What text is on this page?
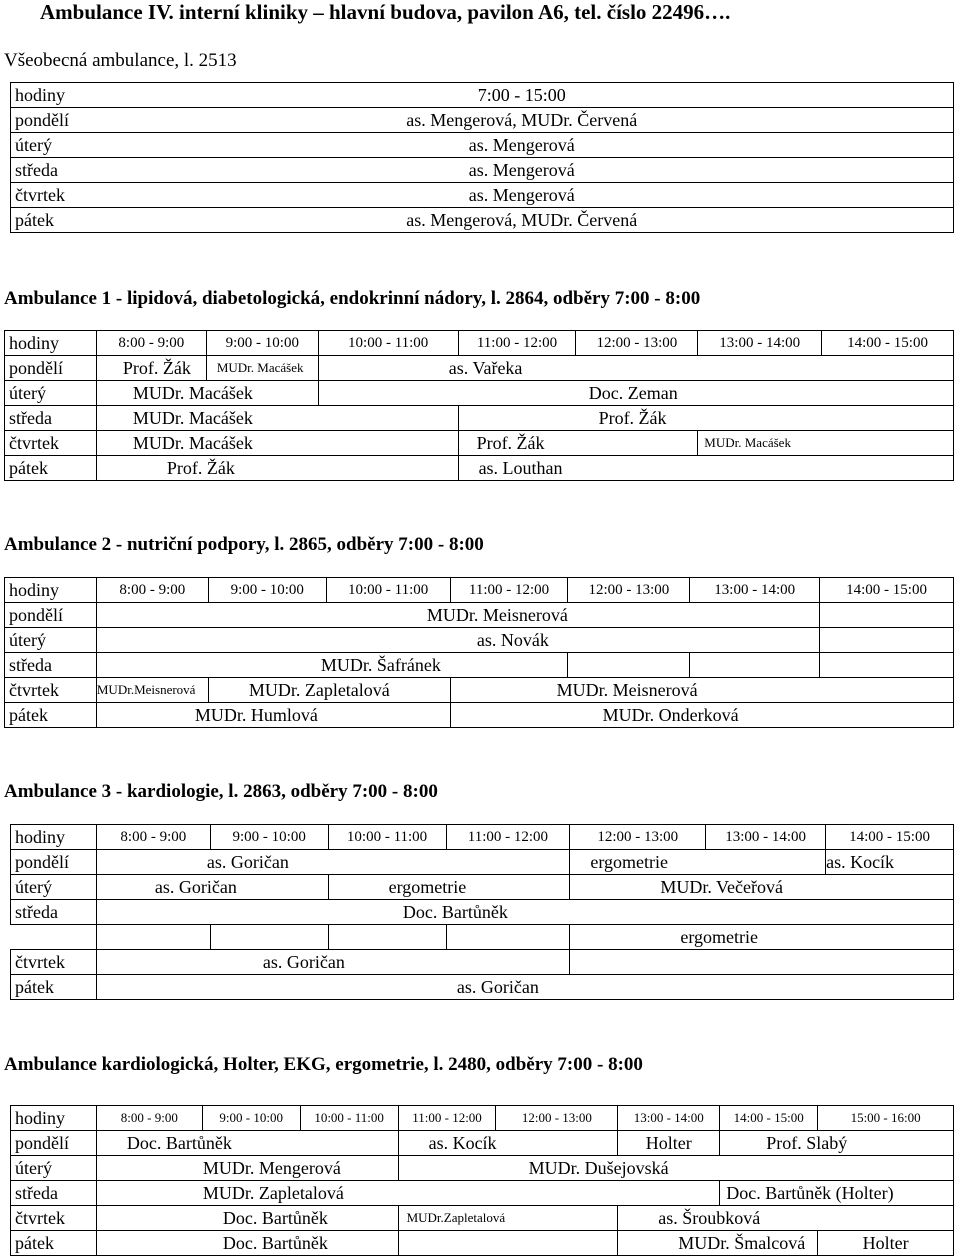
Ambulance IV. interní kliniky – hlavní budova, pavilon A6, tel. číslo 22496….
Všeobecná ambulance, l. 2513
hodiny	7:00 - 15:00
pondělí	as. Mengerová, MUDr. Červená
úterý	as. Mengerová
středa	as. Mengerová
čtvrtek	as. Mengerová
pátek	as. Mengerová, MUDr. Červená
Ambulance 1 - lipidová, diabetologická, endokrinní nádory, l. 2864, odběry 7:00 - 8:00
hodiny	8:00 - 9:00	9:00 - 10:00	10:00 - 11:00	11:00 - 12:00	12:00 - 13:00	13:00 - 14:00	14:00 - 15:00
pondělí	Prof. Žák	MUDr. Macášek	as. Vařeka				
úterý	MUDr. Macášek		Doc. Zeman				
středa	MUDr. Macášek			Prof. Žák			
čtvrtek	MUDr. Macášek			Prof. Žák		MUDr. Macášek	
pátek	Prof. Žák			as. Louthan			
Ambulance 2 - nutriční podpory, l. 2865, odběry 7:00 - 8:00
hodiny	8:00 - 9:00	9:00 - 10:00	10:00 - 11:00	11:00 - 12:00	12:00 - 13:00	13:00 - 14:00	14:00 - 15:00
pondělí	MUDr. Meisnerová						
úterý	as. Novák						
středa	MUDr. Šafránek						
čtvrtek	MUDr.Meisnerová	MUDr. Zapletalová		MUDr. Meisnerová			
pátek	MUDr. Humlová			MUDr. Onderková			
Ambulance 3 - kardiologie, l. 2863, odběry 7:00 - 8:00
hodiny	8:00 - 9:00	9:00 - 10:00	10:00 - 11:00	11:00 - 12:00	12:00 - 13:00	13:00 - 14:00	14:00 - 15:00
pondělí	as. Goričan				ergometrie		as. Kocík
úterý	as. Goričan		ergometrie		MUDr. Večeřová		
středa	Doc. Bartůněk						
					ergometrie		
čtvrtek	as. Goričan						
pátek	as. Goričan						
Ambulance kardiologická, Holter, EKG, ergometrie, l. 2480, odběry 7:00 - 8:00
hodiny	8:00 - 9:00	9:00 - 10:00	10:00 - 11:00	11:00 - 12:00	12:00 - 13:00	13:00 - 14:00	14:00 - 15:00	15:00 - 16:00
pondělí	Doc. Bartůněk			as. Kocík		Holter	Prof. Slabý	
úterý	MUDr. Mengerová			MUDr. Dušejovská				
středa	MUDr. Zapletalová						Doc. Bartůněk (Holter)	
čtvrtek	Doc. Bartůněk			MUDr.Zapletalová		as. Šroubková		
pátek	Doc. Bartůněk					MUDr. Šmalcová		Holter
